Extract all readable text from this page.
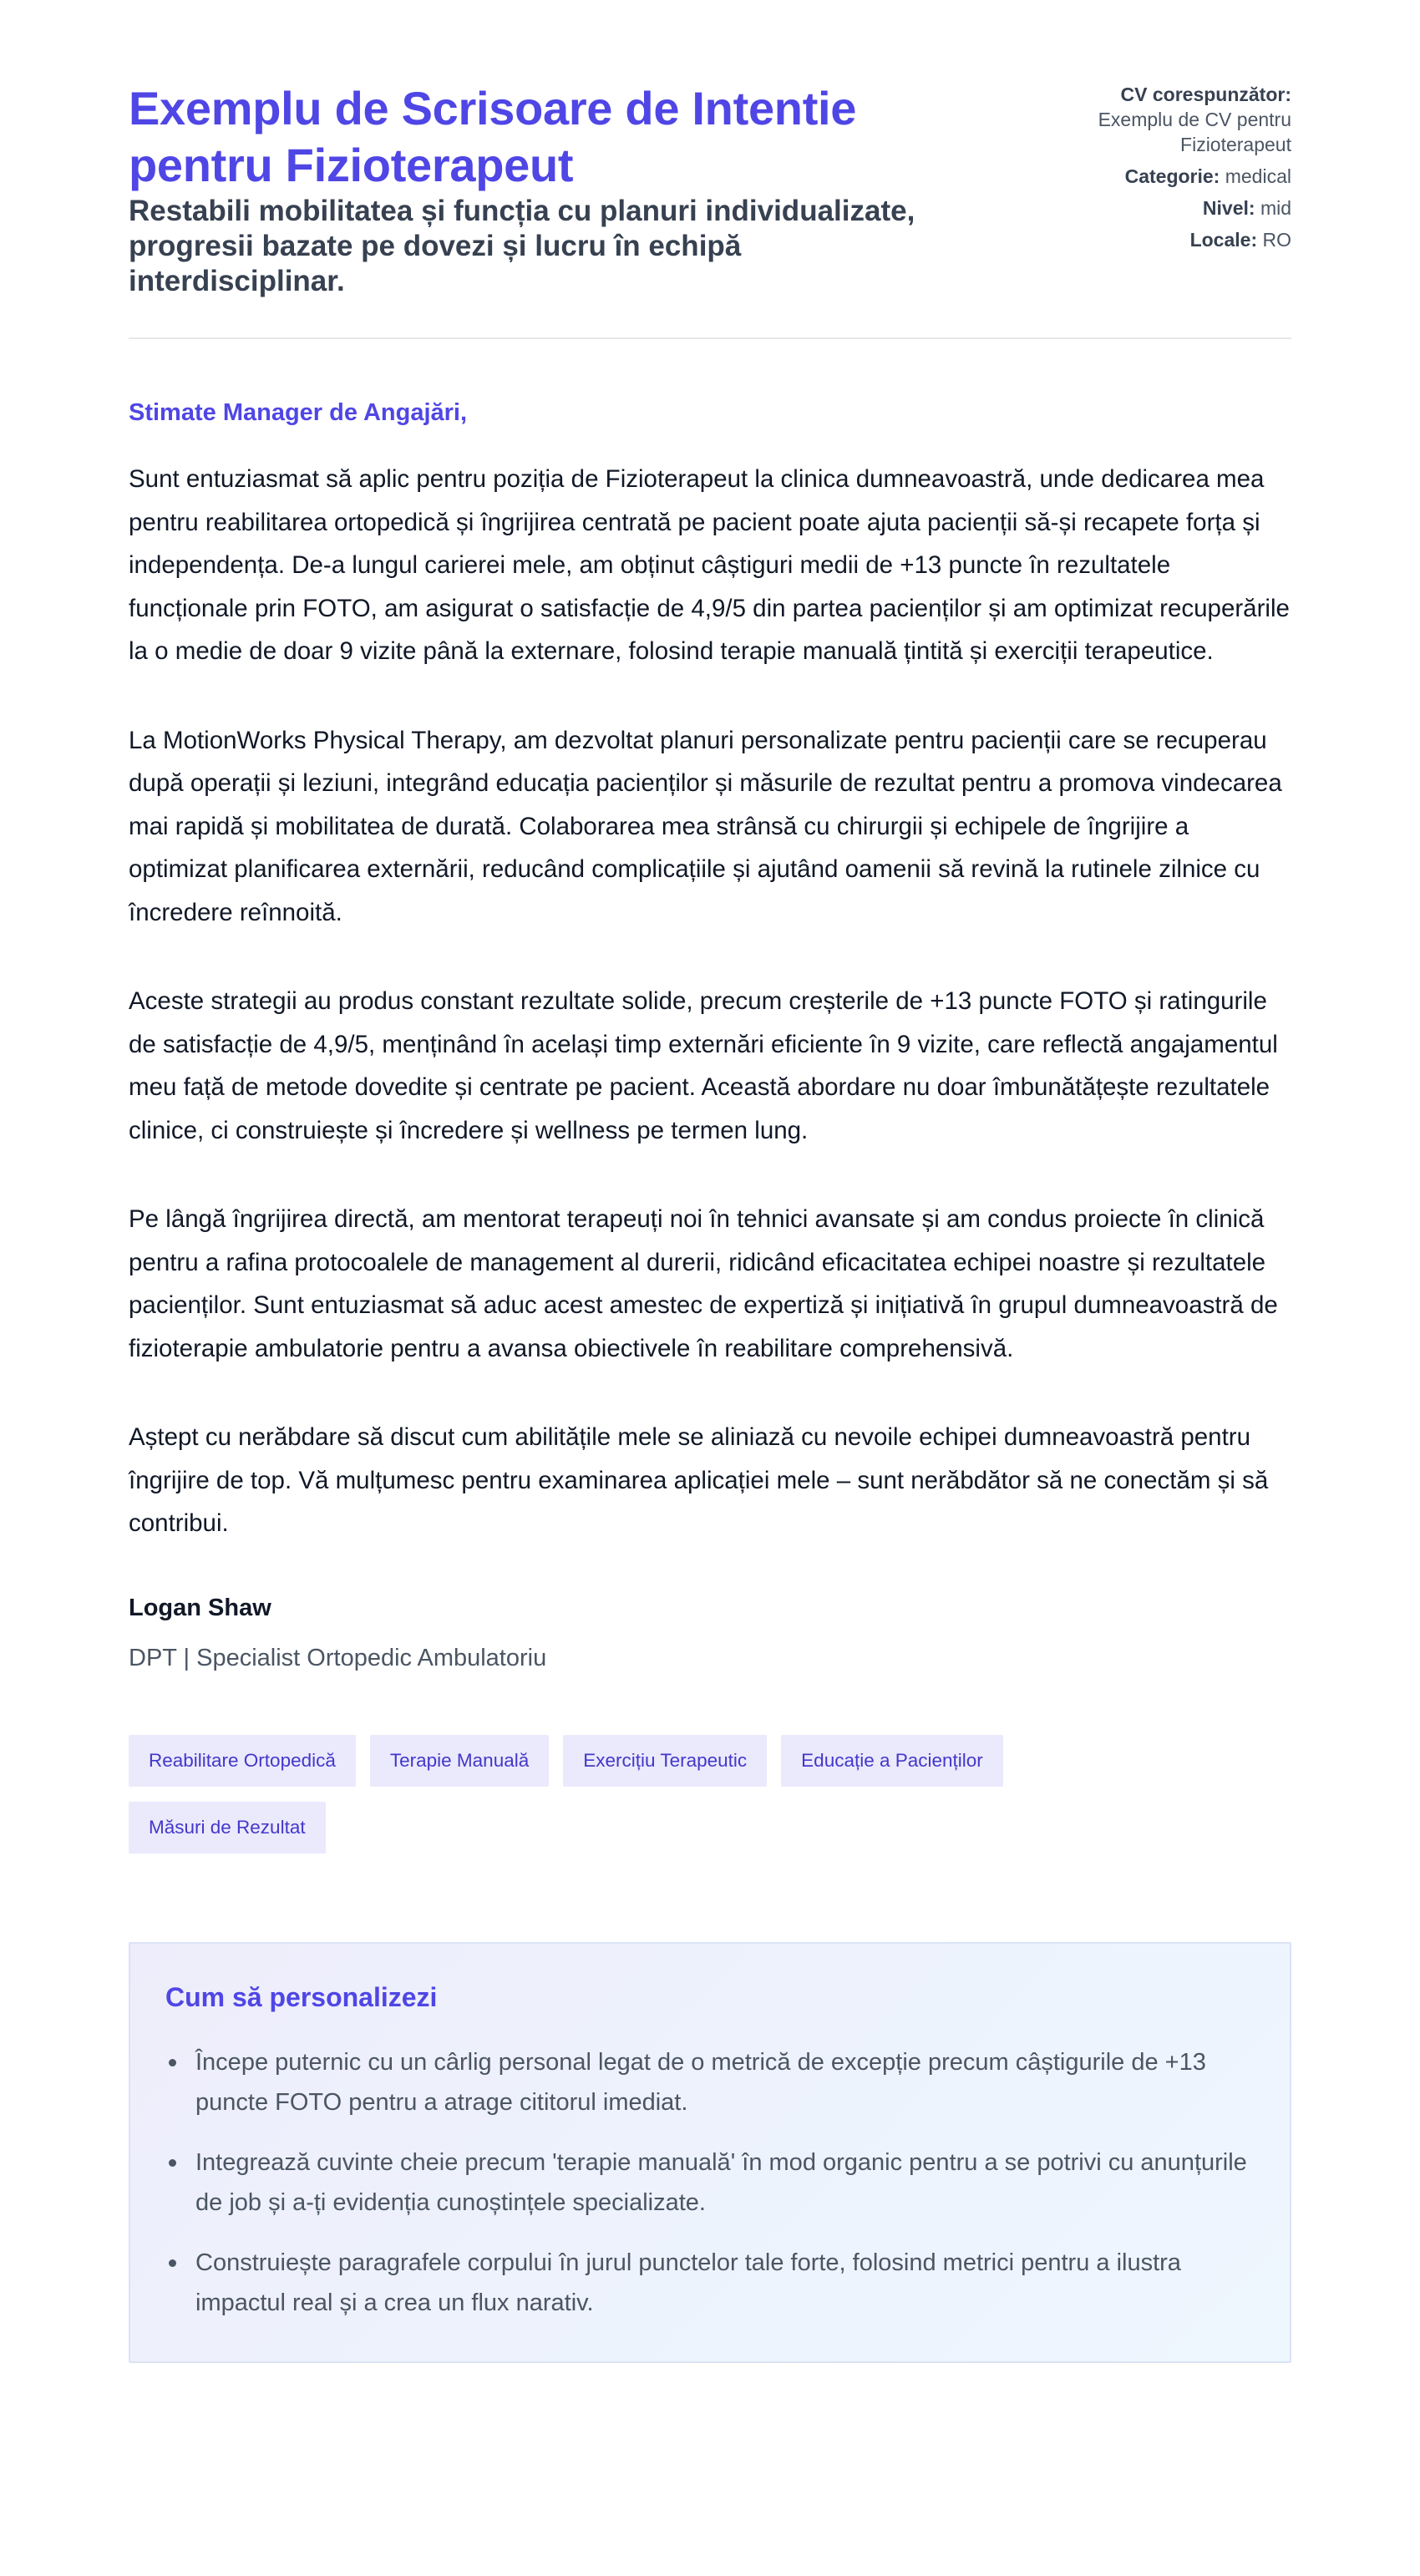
Exemplu de Scrisoare de Intentie pentru Fizioterapeut
Restabili mobilitatea și funcția cu planuri individualizate, progresii bazate pe dovezi și lucru în echipă interdisciplinar.
CV corespunzător:
Exemplu de CV pentru Fizioterapeut
Categorie: medical
Nivel: mid
Locale: RO
Stimate Manager de Angajări,

Sunt entuziasmat să aplic pentru poziția de Fizioterapeut la clinica dumneavoastră, unde dedicarea mea pentru reabilitarea ortopedică și îngrijirea centrată pe pacient poate ajuta pacienții să-și recapete forța și independența. De-a lungul carierei mele, am obținut câștiguri medii de +13 puncte în rezultatele funcționale prin FOTO, am asigurat o satisfacție de 4,9/5 din partea pacienților și am optimizat recuperările la o medie de doar 9 vizite până la externare, folosind terapie manuală țintită și exerciții terapeutice.

La MotionWorks Physical Therapy, am dezvoltat planuri personalizate pentru pacienții care se recuperau după operații și leziuni, integrând educația pacienților și măsurile de rezultat pentru a promova vindecarea mai rapidă și mobilitatea de durată. Colaborarea mea strânsă cu chirurgii și echipele de îngrijire a optimizat planificarea externării, reducând complicațiile și ajutând oamenii să revină la rutinele zilnice cu încredere reînnoită.

Aceste strategii au produs constant rezultate solide, precum creșterile de +13 puncte FOTO și ratingurile de satisfacție de 4,9/5, menținând în același timp externări eficiente în 9 vizite, care reflectă angajamentul meu față de metode dovedite și centrate pe pacient. Această abordare nu doar îmbunătățește rezultatele clinice, ci construiește și încredere și wellness pe termen lung.

Pe lângă îngrijirea directă, am mentorat terapeuți noi în tehnici avansate și am condus proiecte în clinică pentru a rafina protocoalele de management al durerii, ridicând eficacitatea echipei noastre și rezultatele pacienților. Sunt entuziasmat să aduc acest amestec de expertiză și inițiativă în grupul dumneavoastră de fizioterapie ambulatorie pentru a avansa obiectivele în reabilitare comprehensivă.

Aștept cu nerăbdare să discut cum abilitățile mele se aliniază cu nevoile echipei dumneavoastră pentru îngrijire de top. Vă mulțumesc pentru examinarea aplicației mele – sunt nerăbdător să ne conectăm și să contribui.

Logan Shaw
DPT | Specialist Ortopedic Ambulatoriu
Reabilitare Ortopedică	Terapie Manuală	Exercițiu Terapeutic	Educație a Pacienților
Măsuri de Rezultat
Cum să personalizezi
Începe puternic cu un cârlig personal legat de o metrică de excepție precum câștigurile de +13 puncte FOTO pentru a atrage cititorul imediat.
Integrează cuvinte cheie precum 'terapie manuală' în mod organic pentru a se potrivi cu anunțurile de job și a-ți evidenția cunoștințele specializate.
Construiește paragrafele corpului în jurul punctelor tale forte, folosind metrici pentru a ilustra impactul real și a crea un flux narativ.
